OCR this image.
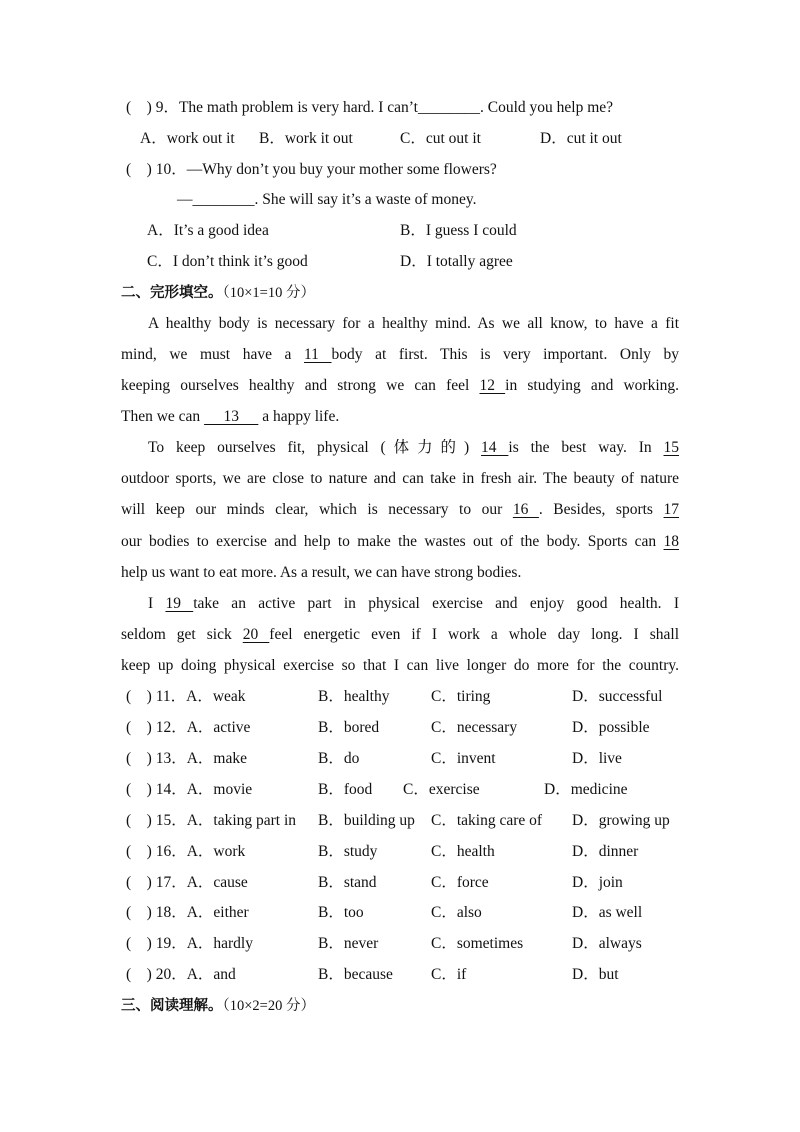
(　) 9．The math problem is very hard. I can’t________. Could you help me?
A．work out it B．work it out	C．cut out it	D．cut it out
(　) 10．—Why don’t you buy your mother some flowers?
—________. She will say it’s a waste of money.
A．It’s a good idea	B．I guess I could
C．I don’t think it’s good	D．I totally agree
二、完形填空。（10×1=10 分）
A healthy body is necessary for a healthy mind. As we all know, to have a fit
mind, we must have a 11 body at first. This is very important. Only by
keeping ourselves healthy and strong we can feel 12 in studying and working.
Then we can      13      a happy life.
To keep ourselves fit, physical (体力的) 14 is the best way. In 15
outdoor sports, we are close to nature and can take in fresh air. The beauty of nature
will keep our minds clear, which is necessary to our 16 . Besides, sports 17
our bodies to exercise and help to make the wastes out of the body. Sports can 18
help us want to eat more. As a result, we can have strong bodies.
I 19 take an active part in physical exercise and enjoy good health. I
seldom get sick 20 feel energetic even if I work a whole day long. I shall
keep up doing physical exercise so that I can live longer do more for the country.
(　) 11．A．weak	B．healthy	C．tiring	D．successful
(　) 12．A．active	B．bored	C．necessary	D．possible
(　) 13．A．make	B．do	C．invent	D．live
(　) 14．A．movie	B．food C．exercise	D．medicine
(　) 15．A．taking part in B．building up C．taking care of D．growing up
(　) 16．A．work	B．study	C．health	D．dinner
(　) 17．A．cause	B．stand	C．force	D．join
(　) 18．A．either	B．too	C．also	D．as well
(　) 19．A．hardly	B．never	C．sometimes	D．always
(　) 20．A．and	B．because C．if	D．but
三、阅读理解。（10×2=20 分）
